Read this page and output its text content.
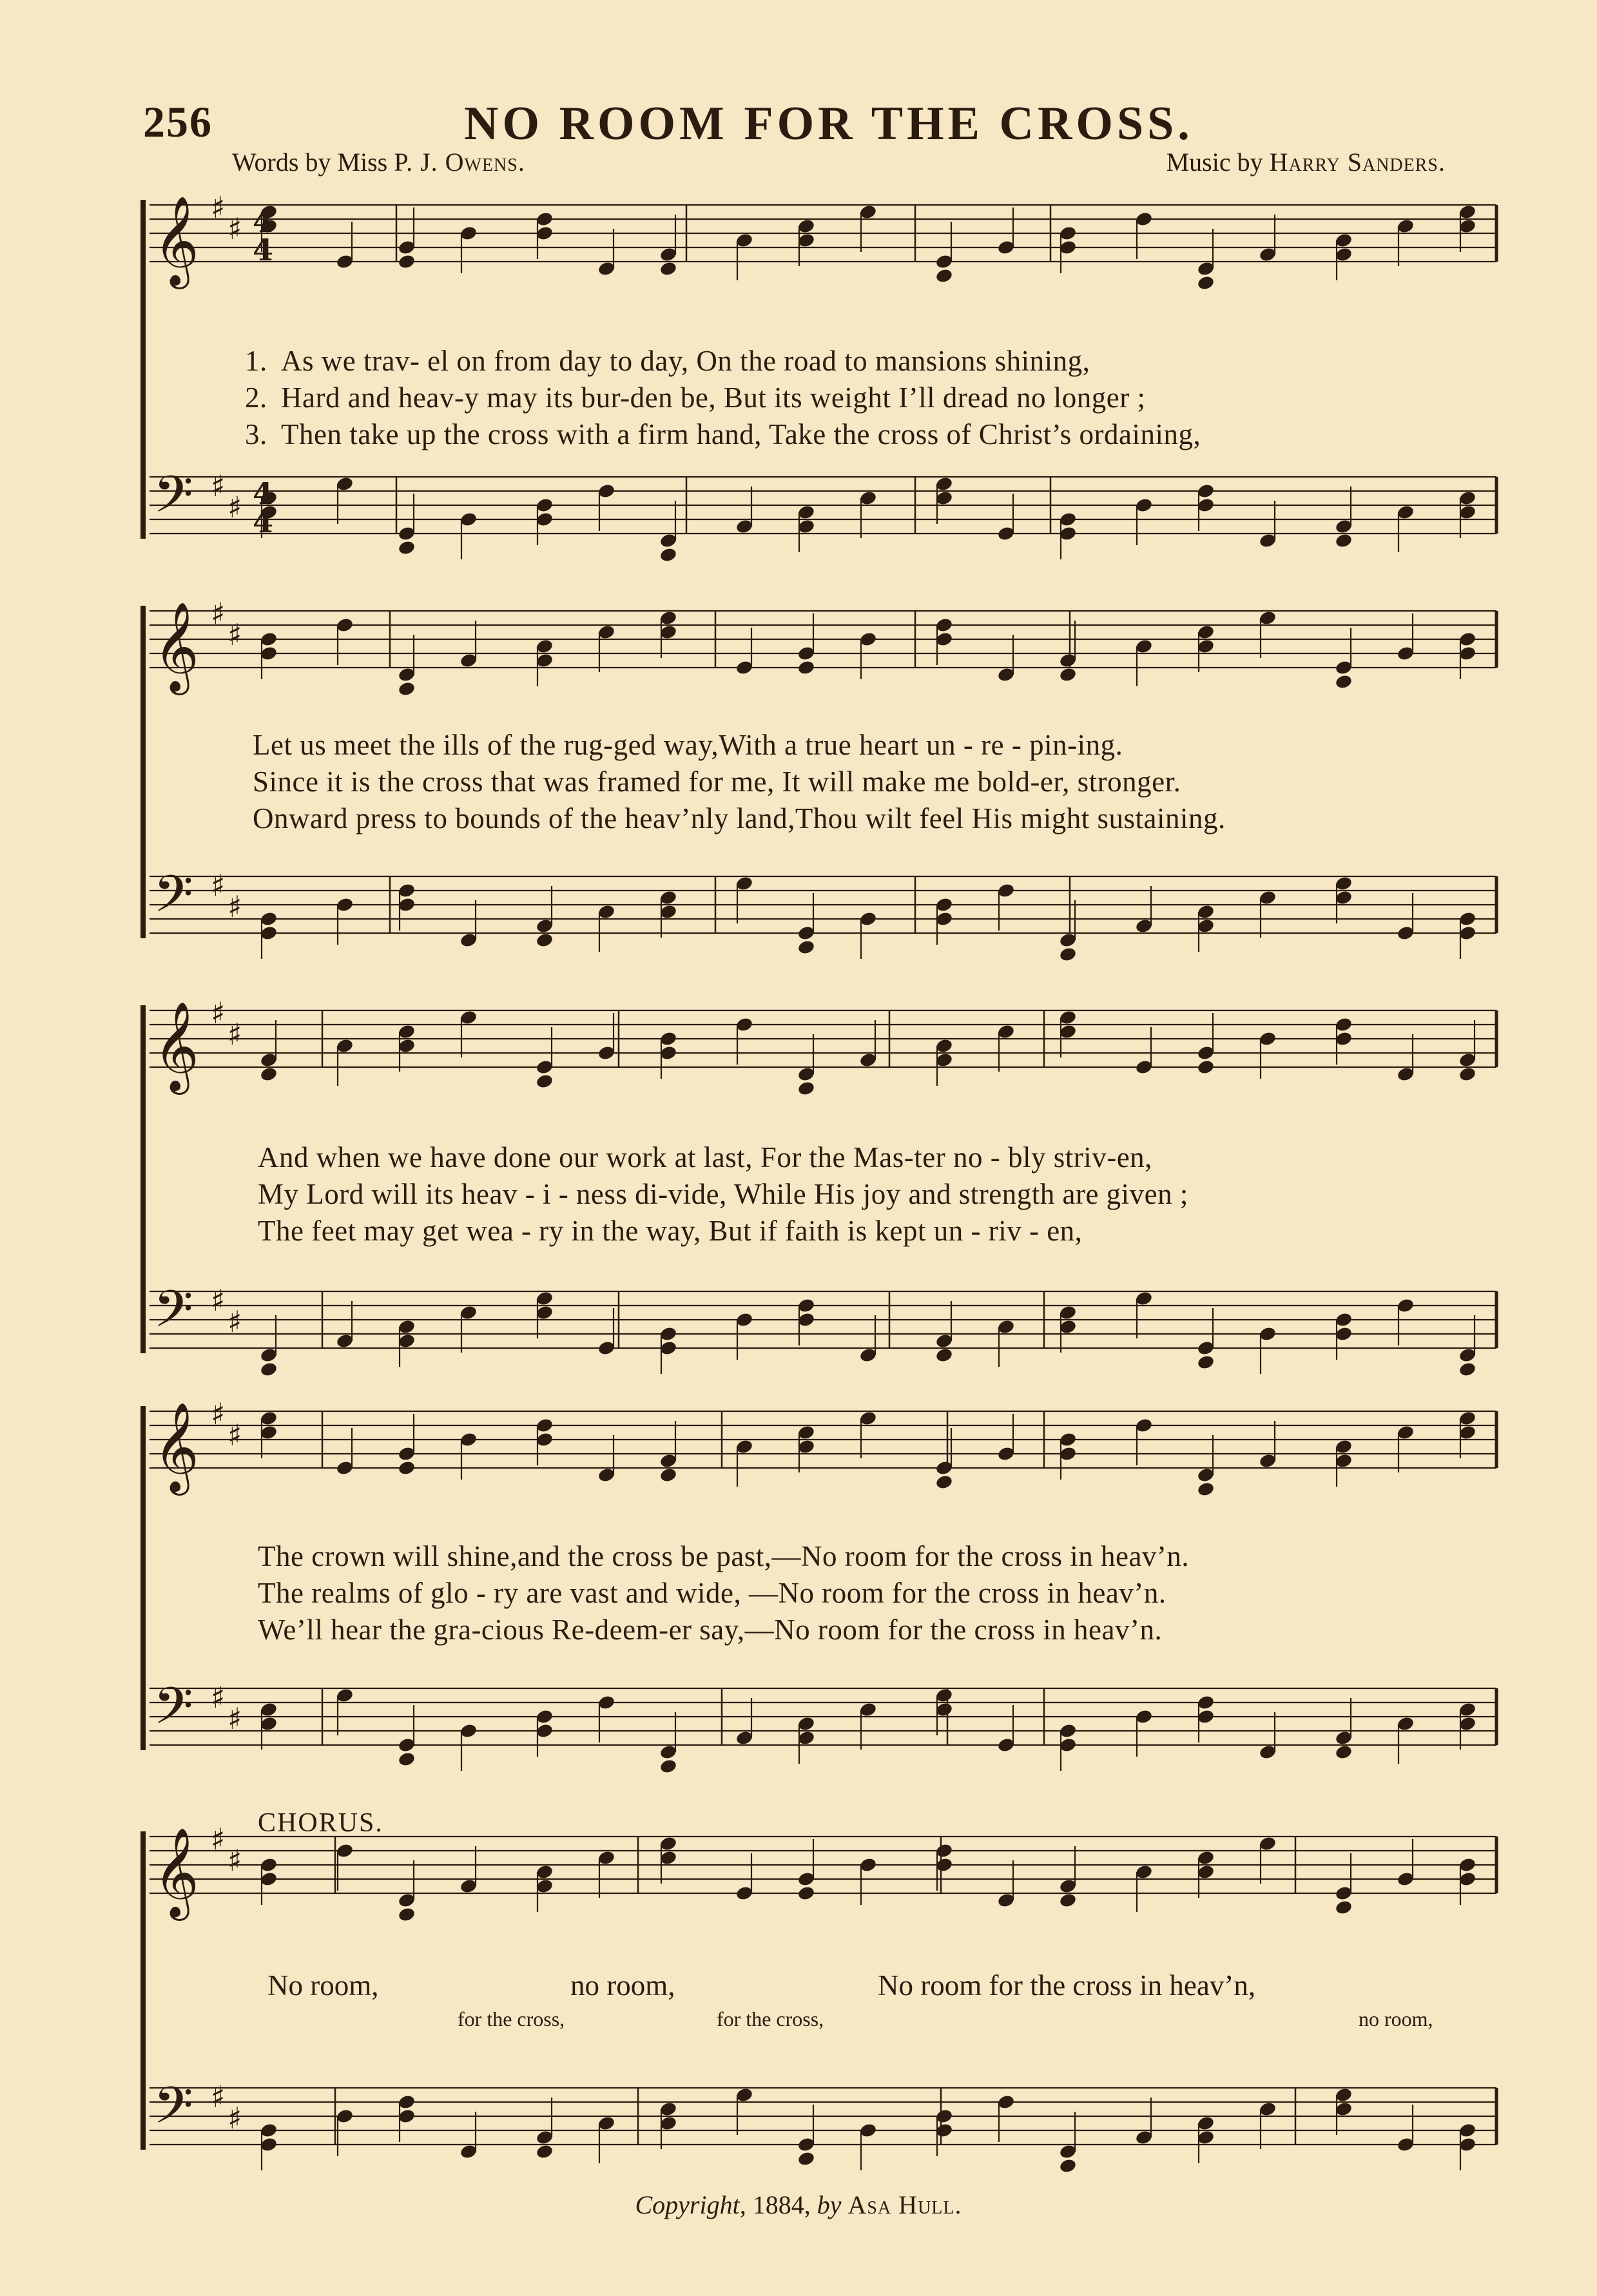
256	NO ROOM FOR THE CROSS.
Words by Miss P. J. Owens.	Music by Harry Sanders.
𝄞 ♯
♯
𝄢 ♯
♯
𝄞 ♯
♯
𝄢 ♯
♯
𝄞 ♯
♯
𝄢 ♯
♯
𝄞 ♯
♯
𝄢 ♯
♯
𝄞 ♯
♯
𝄢 ♯
♯
4
4
4
4
1. As we trav- el on from day to day, On the road to mansions shining,
2. Hard and heav-y may its bur-den be, But its weight I’ll dread no longer ;
3. Then take up the cross with a firm hand, Take the cross of Christ’s ordaining,
Let us meet the ills of the rug-ged way,With a true heart un - re - pin-ing.
Since it is the cross that was framed for me, It will make me bold-er, stronger.
Onward press to bounds of the heav’nly land,Thou wilt feel His might sustaining.
And when we have done our work at last, For the Mas-ter no - bly striv-en,
My Lord will its heav - i - ness di-vide, While His joy and strength are given ;
The feet may get wea - ry in the way, But if faith is kept un - riv - en,
The crown will shine,and the cross be past,—No room for the cross in heav’n.
The realms of glo - ry are vast and wide, —No room for the cross in heav’n.
We’ll hear the gra-cious Re-deem-er say,—No room for the cross in heav’n.
CHORUS.
No room,	no room,	No room for the cross in heav’n,
for the cross,	for the cross,	no room,
Copyright, 1884, by Asa Hull.
